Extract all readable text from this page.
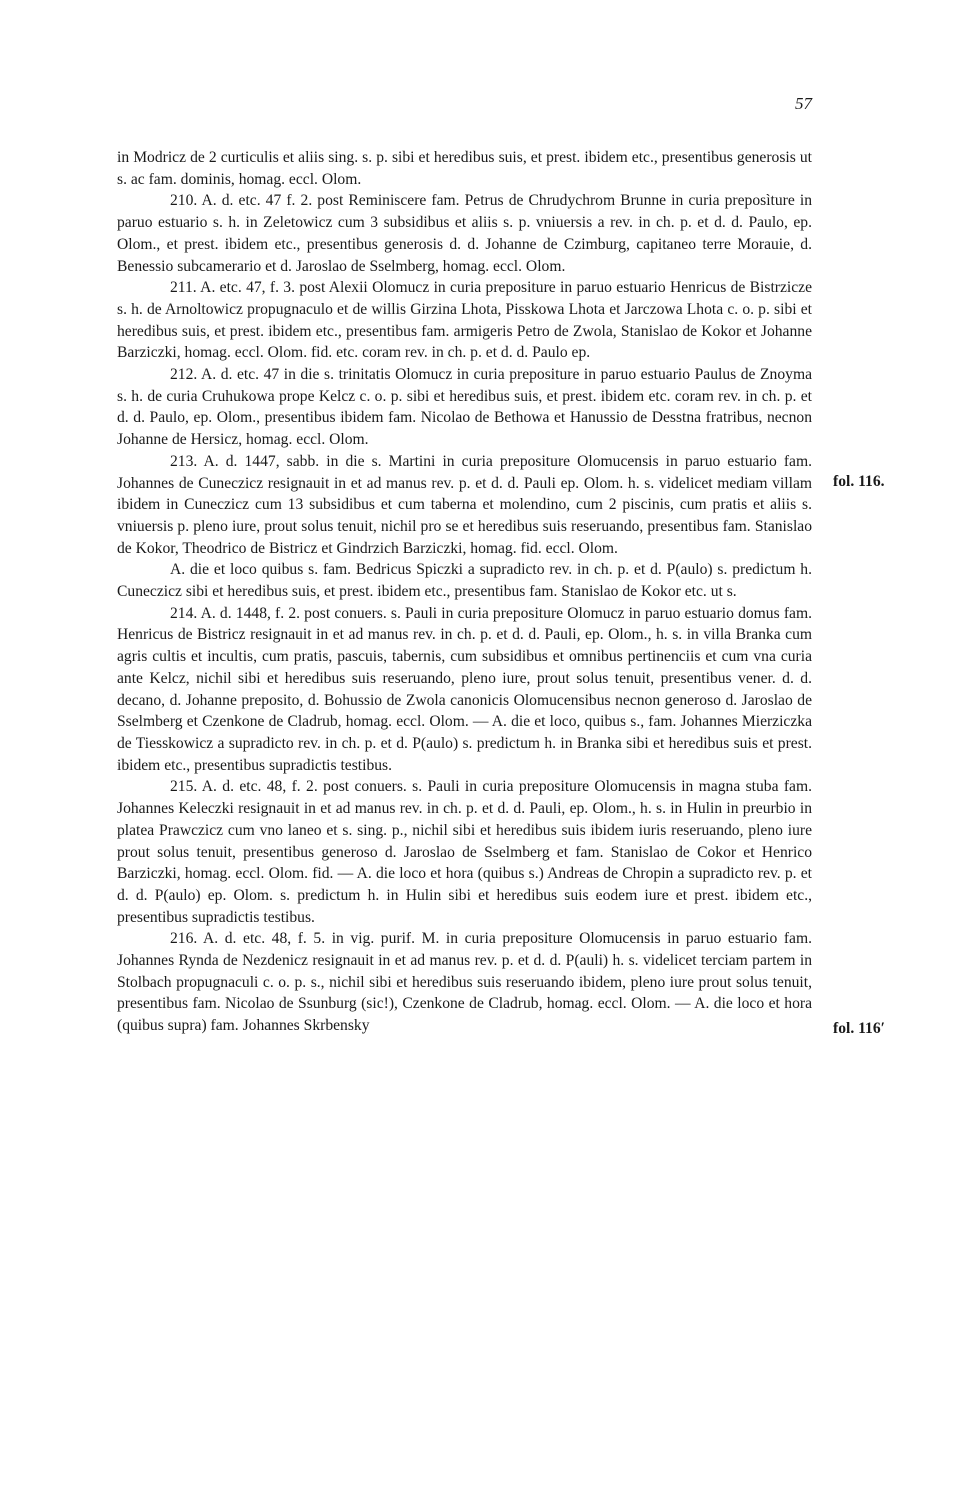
57

in Modricz de 2 curticulis et aliis sing. s. p. sibi et heredibus suis, et prest. ibidem etc., presentibus generosis ut s. ac fam. dominis, homag. eccl. Olom.

210. A. d. etc. 47 f. 2. post Reminiscere fam. Petrus de Chrudychrom Brunne in curia preposìture in paruo estuario s. h. in Zeletowicz cum 3 subsidibus et aliis s. p. vniuersis a rev. in ch. p. et d. d. Paulo, ep. Olom., et prest. ibidem etc., presentibus generosis d. d. Johanne de Czimburg, capitaneo terre Morauie, d. Benessio subcamerario et d. Jaroslao de Sselmberg, homag. eccl. Olom.

211. A. etc. 47, f. 3. post Alexii Olomucz in curia prepositure in paruo estuario Henricus de Bistrzicze s. h. de Arnoltowicz propugnaculo et de willis Girzina Lhota, Pisskowa Lhota et Jarczowa Lhota c. o. p. sibi et heredibus suis, et prest. ibidem etc., presentibus fam. armigeris Petro de Zwola, Stanislao de Kokor et Johanne Barziczki, homag. eccl. Olom. fid. etc. coram rev. in ch. p. et d. d. Paulo ep.

212. A. d. etc. 47 in die s. trinitatis Olomucz in curia prepositure in paruo estuario Paulus de Znoyma s. h. de curia Cruhukowa prope Kelcz c. o. p. sibi et heredibus suis, et prest. ibidem etc. coram rev. in ch. p. et d. d. Paulo, ep. Olom., presentibus ibidem fam. Nicolao de Bethowa et Hanussio de Desstna fratribus, necnon Johanne de Hersicz, homag. eccl. Olom.

213. A. d. 1447, sabb. in die s. Martini in curia prepositure Olomucensis in paruo estuario fam. Johannes de Cuneczicz resignauit in et ad manus rev. p. et d. d. Pauli ep. Olom. h. s. videlicet mediam villam ibidem in Cuneczicz cum 13 subsidibus et cum taberna et molendino, cum 2 piscinis, cum pratis et aliis s. vniuersis p. pleno iure, prout solus tenuit, nichil pro se et heredibus suis reseruando, presentibus fam. Stanislao de Kokor, Theodrico de Bistricz et Gindrzich Barziczki, homag. fid. eccl. Olom.

A. die et loco quibus s. fam. Bedricus Spiczki a supradicto rev. in ch. p. et d. P(aulo) s. predictum h. Cuneczicz sibi et heredibus suis, et prest. ibidem etc., presentibus fam. Stanislao de Kokor etc. ut s.

214. A. d. 1448, f. 2. post conuers. s. Pauli in curia prepositure Olomucz in paruo estuario domus fam. Henricus de Bistricz resignauit in et ad manus rev. in ch. p. et d. d. Pauli, ep. Olom., h. s. in villa Branka cum agris cultis et incultis, cum pratis, pascuis, tabernis, cum subsidibus et omnibus pertinenciis et cum vna curia ante Kelcz, nichil sibi et heredibus suis reseruando, pleno iure, prout solus tenuit, presentibus vener. d. d. decano, d. Johanne preposito, d. Bohussio de Zwola canonicis Olomucensibus necnon generoso d. Jaroslao de Sselmberg et Czenkone de Cladrub, homag. eccl. Olom. — A. die et loco, quibus s., fam. Johannes Mierziczka de Tiesskowicz a supradicto rev. in ch. p. et d. P(aulo) s. predictum h. in Branka sibi et heredibus suis et prest. ibidem etc., presentibus supradictis testibus.

215. A. d. etc. 48, f. 2. post conuers. s. Pauli in curia prepositure Olomucensis in magna stuba fam. Johannes Keleczki resignauit in et ad manus rev. in ch. p. et d. d. Pauli, ep. Olom., h. s. in Hulin in preurbio in platea Prawczicz cum vno laneo et s. sing. p., nichil sibi et heredibus suis ibidem iuris reseruando, pleno iure prout solus tenuit, presentibus generoso d. Jaroslao de Sselmberg et fam. Stanislao de Cokor et Henrico Barziczki, homag. eccl. Olom. fid. — A. die loco et hora (quibus s.) Andreas de Chropin a supradicto rev. p. et d. d. P(aulo) ep. Olom. s. predictum h. in Hulin sibi et heredibus suis eodem iure et prest. ibidem etc., presentibus supradictis testibus.

216. A. d. etc. 48, f. 5. in vig. purif. M. in curia prepositure Olomucensis in paruo estuario fam. Johannes Rynda de Nezdenicz resignauit in et ad manus rev. p. et d. d. P(auli) h. s. videlicet terciam partem in Stolbach propugnaculi c. o. p. s., nichil sibi et heredibus suis reseruando ibidem, pleno iure prout solus tenuit, presentibus fam. Nicolao de Ssunburg (sic!), Czenkone de Cladrub, homag. eccl. Olom. — A. die loco et hora (quibus supra) fam. Johannes Skrbensky

fol. 116.
fol. 116′
